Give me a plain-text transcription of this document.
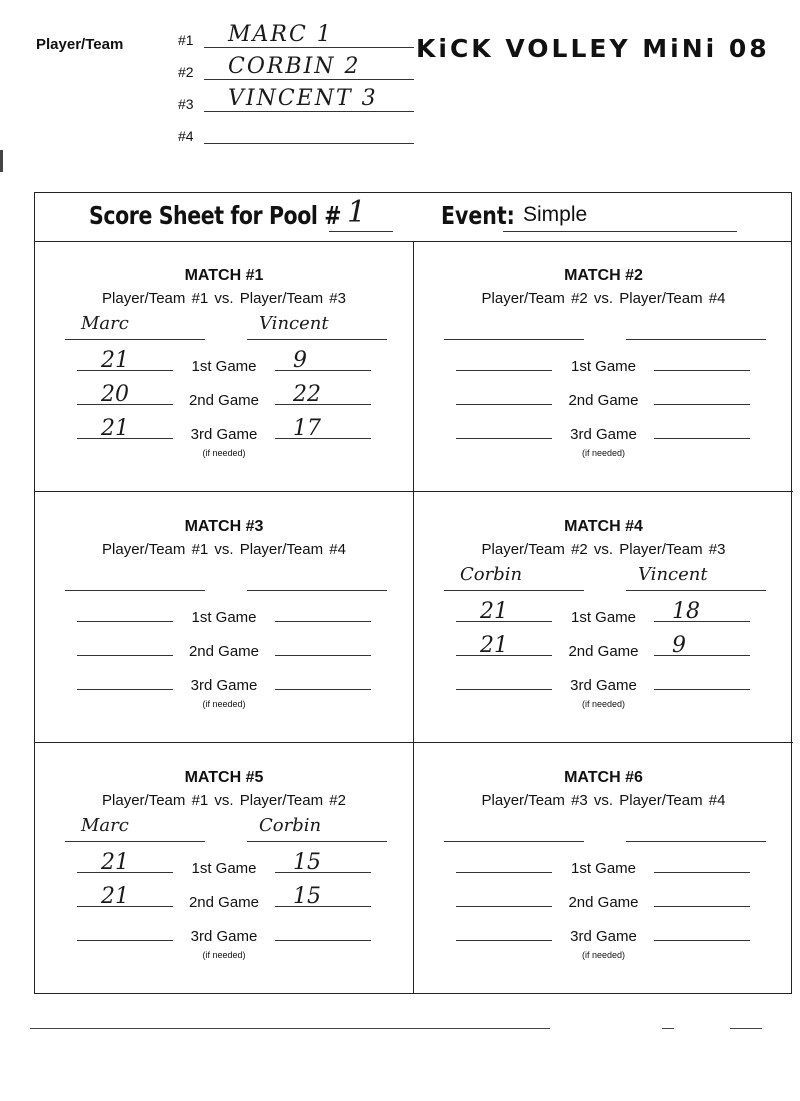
Player/Team	#1 MARC 1
#2 CORBIN 2
#3 VINCENT 3
#4
KiCK VOLLEY MiNi 08
Score Sheet for Pool # 1	Event: Simple
MATCH #1
Player/Team #1 vs. Player/Team #3
Marc	Vincent
1st Game
21	9
2nd Game
20	22
3rd Game
21	17
(if needed)
MATCH #2
Player/Team #2 vs. Player/Team #4
1st Game
2nd Game
3rd Game
(if needed)
MATCH #3
Player/Team #1 vs. Player/Team #4
1st Game
2nd Game
3rd Game
(if needed)
MATCH #4
Player/Team #2 vs. Player/Team #3
Corbin	Vincent
1st Game
21	18
2nd Game
21	9
3rd Game
(if needed)
MATCH #5
Player/Team #1 vs. Player/Team #2
Marc	Corbin
1st Game
21	15
2nd Game
21	15
3rd Game
(if needed)
MATCH #6
Player/Team #3 vs. Player/Team #4
1st Game
2nd Game
3rd Game
(if needed)
